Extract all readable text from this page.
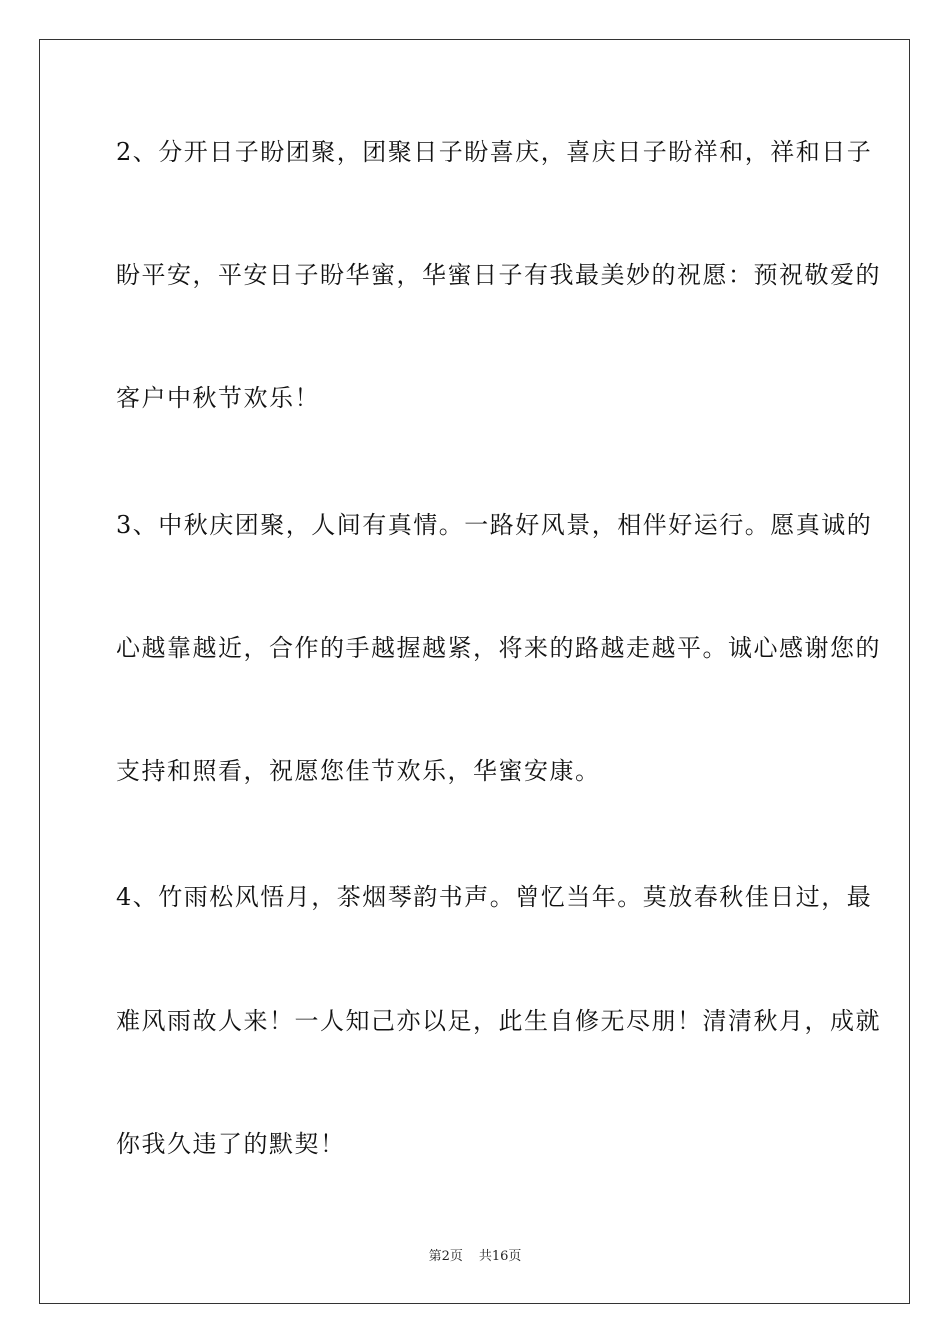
2、分开日子盼团聚，团聚日子盼喜庆，喜庆日子盼祥和，祥和日子
盼平安，平安日子盼华蜜，华蜜日子有我最美妙的祝愿：预祝敬爱的
客户中秋节欢乐！
3、中秋庆团聚，人间有真情。一路好风景，相伴好运行。愿真诚的
心越靠越近，合作的手越握越紧，将来的路越走越平。诚心感谢您的
支持和照看，祝愿您佳节欢乐，华蜜安康。
4、竹雨松风悟月，茶烟琴韵书声。曾忆当年。莫放春秋佳日过，最
难风雨故人来！一人知己亦以足，此生自修无尽朋！清清秋月，成就
你我久违了的默契！
第2页 共16页
